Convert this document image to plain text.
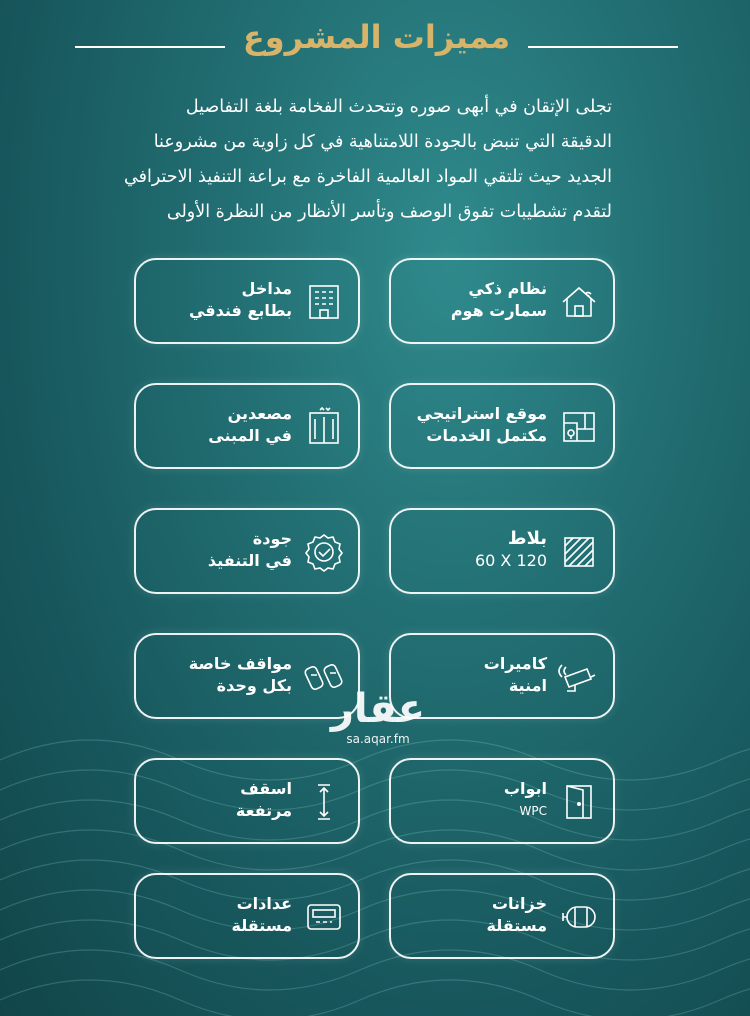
مميزات المشروع

تجلى الإتقان في أبهى صوره وتتحدث الفخامة بلغة التفاصيل

الدقيقة التي تنبض بالجودة اللامتناهية في كل زاوية من مشروعنا

الجديد حيث تلتقي المواد العالمية الفاخرة مع براعة التنفيذ الاحترافي

لتقدم تشطيبات تفوق الوصف وتأسر الأنظار من النظرة الأولى

نظام ذكي
سمارت هوم
مداخل
بطابع فندقي
موقع استراتيجي
مكتمل الخدمات
مصعدين
في المبنى
بلاط
60 X 120
جودة
في التنفيذ
كاميرات
امنية
مواقف خاصة
بكل وحدة
ابواب
WPC
اسقف
مرتفعة
خزانات
مستقلة
عدادات
مستقلة
عقار
sa.aqar.fm
